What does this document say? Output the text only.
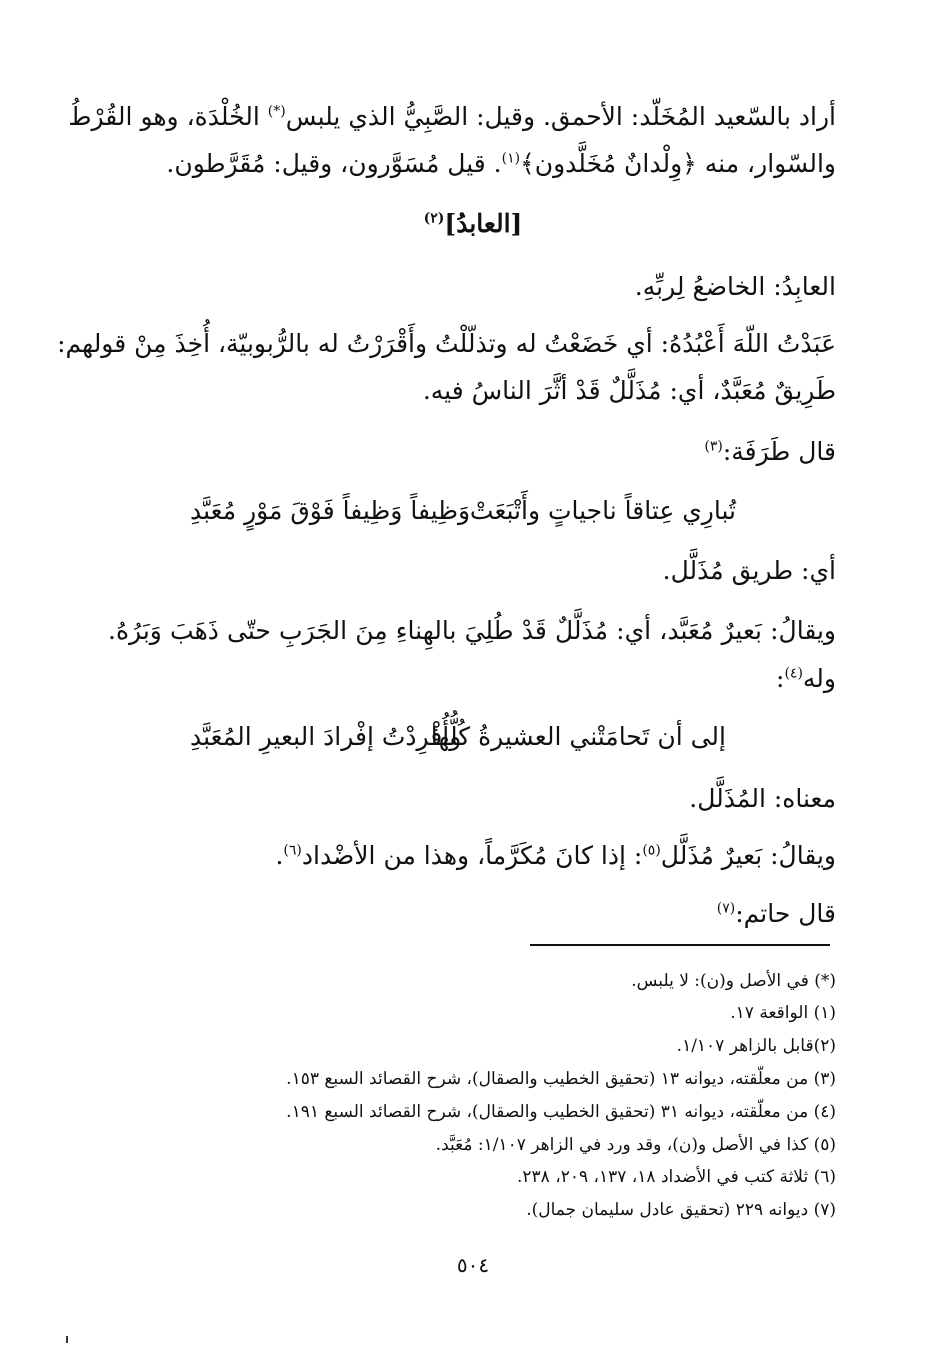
أراد بالسّعيد المُخَلّد: الأحمق. وقيل: الصَّبِيُّ الذي يلبس(*) الخُلْدَة، وهو القُرْطُ
والسّوار، منه ﴿وِلْدانٌ مُخَلَّدون﴾$^{(١)}$. قيل مُسَوَّرون، وقيل: مُقَرَّطون.
[العابدُ]$^{(٢)}$
العابِدُ: الخاضعُ لِربِّهِ.
عَبَدْتُ اللّهَ أَعْبُدُهُ: أي خَضَعْتُ له وتذلّلْتُ وأَقْرَرْتُ له بالرُّبوبيّة، أُخِذَ مِنْ قولهم:
طَرِيقٌ مُعَبَّدٌ، أي: مُذَلَّلٌ قَدْ أثَّرَ الناسُ فيه.
قال طَرَفَة:$^{(٣)}$
تُبارِي عِتاقاً ناجياتٍ وأَتْبَعَتْ
وَظِيفاً وَظِيفاً فَوْقَ مَوْرٍ مُعَبَّدِ
أي: طريق مُذَلَّل.
ويقالُ: بَعيرٌ مُعَبَّد، أي: مُذَلَّلٌ قَدْ طُلِيَ بالهِناءِ مِنَ الجَرَبِ حتّى ذَهَبَ وَبَرُهُ.
وله$^{(٤)}$:
إلى أن تَحامَتْني العشيرةُ كُلُّها
وأُفْرِدْتُ إفْرادَ البعيرِ المُعَبَّدِ
معناه: المُذَلَّل.
ويقالُ: بَعيرٌ مُذَلَّل$^{(٥)}$: إذا كانَ مُكَرَّماً، وهذا من الأضْداد$^{(٦)}$.
قال حاتم:$^{(٧)}$
(*) في الأصل و(ن): لا يلبس.
(١) الواقعة ١٧.
(٢)قابل بالزاهر ١/١٠٧.
(٣) من معلّقته، ديوانه ١٣ (تحقيق الخطيب والصقال)، شرح القصائد السبع ١٥٣.
(٤) من معلّقته، ديوانه ٣١ (تحقيق الخطيب والصقال)، شرح القصائد السبع ١٩١.
(٥) كذا في الأصل و(ن)، وقد ورد في الزاهر ١/١٠٧: مُعَبَّد.
(٦) ثلاثة كتب في الأضداد ١٨، ١٣٧، ٢٠٩، ٢٣٨.
(٧) ديوانه ٢٢٩ (تحقيق عادل سليمان جمال).
٥٠٤
